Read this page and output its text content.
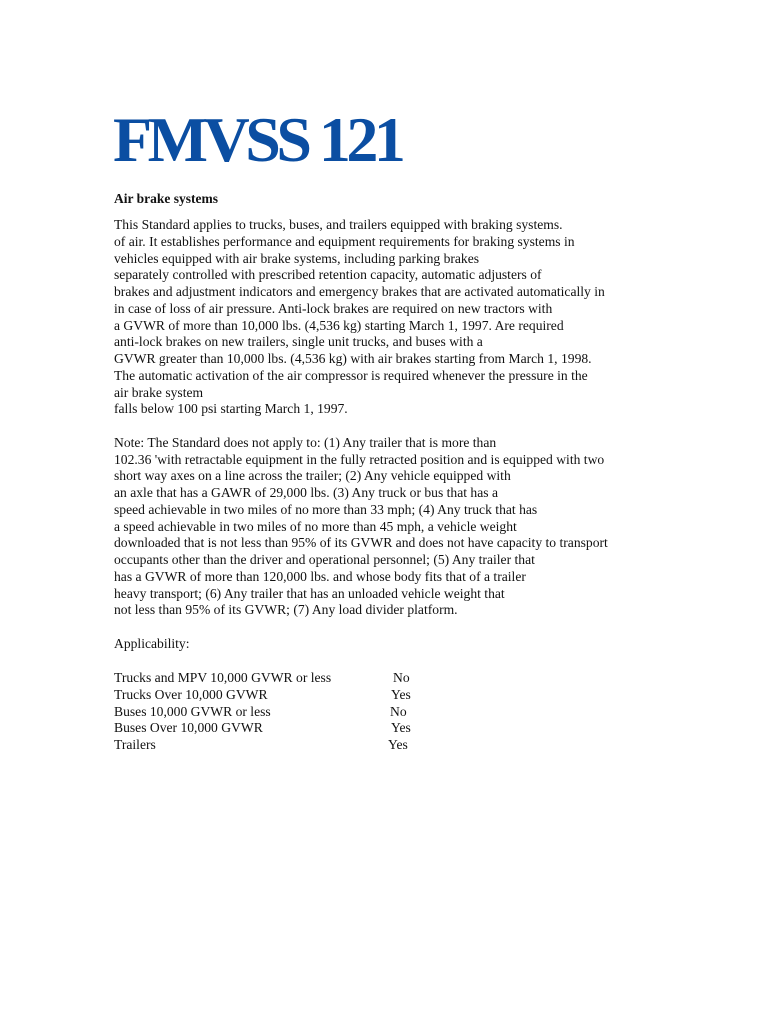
FMVSS 121
Air brake systems
This Standard applies to trucks, buses, and trailers equipped with braking systems.
of air. It establishes performance and equipment requirements for braking systems in
vehicles equipped with air brake systems, including parking brakes
separately controlled with prescribed retention capacity, automatic adjusters of
brakes and adjustment indicators and emergency brakes that are activated automatically in
in case of loss of air pressure. Anti-lock brakes are required on new tractors with
a GVWR of more than 10,000 lbs. (4,536 kg) starting March 1, 1997. Are required
anti-lock brakes on new trailers, single unit trucks, and buses with a
GVWR greater than 10,000 lbs. (4,536 kg) with air brakes starting from March 1, 1998.
The automatic activation of the air compressor is required whenever the pressure in the
air brake system
falls below 100 psi starting March 1, 1997.
Note: The Standard does not apply to: (1) Any trailer that is more than
102.36 'with retractable equipment in the fully retracted position and is equipped with two
short way axes on a line across the trailer; (2) Any vehicle equipped with
an axle that has a GAWR of 29,000 lbs. (3) Any truck or bus that has a
speed achievable in two miles of no more than 33 mph; (4) Any truck that has
a speed achievable in two miles of no more than 45 mph, a vehicle weight
downloaded that is not less than 95% of its GVWR and does not have capacity to transport
occupants other than the driver and operational personnel; (5) Any trailer that
has a GVWR of more than 120,000 lbs. and whose body fits that of a trailer
heavy transport; (6) Any trailer that has an unloaded vehicle weight that
not less than 95% of its GVWR; (7) Any load divider platform.
Applicability:
Trucks and MPV 10,000 GVWR or less	No
Trucks Over 10,000 GVWR	Yes
Buses 10,000 GVWR or less	No
Buses Over 10,000 GVWR	Yes
Trailers	Yes
